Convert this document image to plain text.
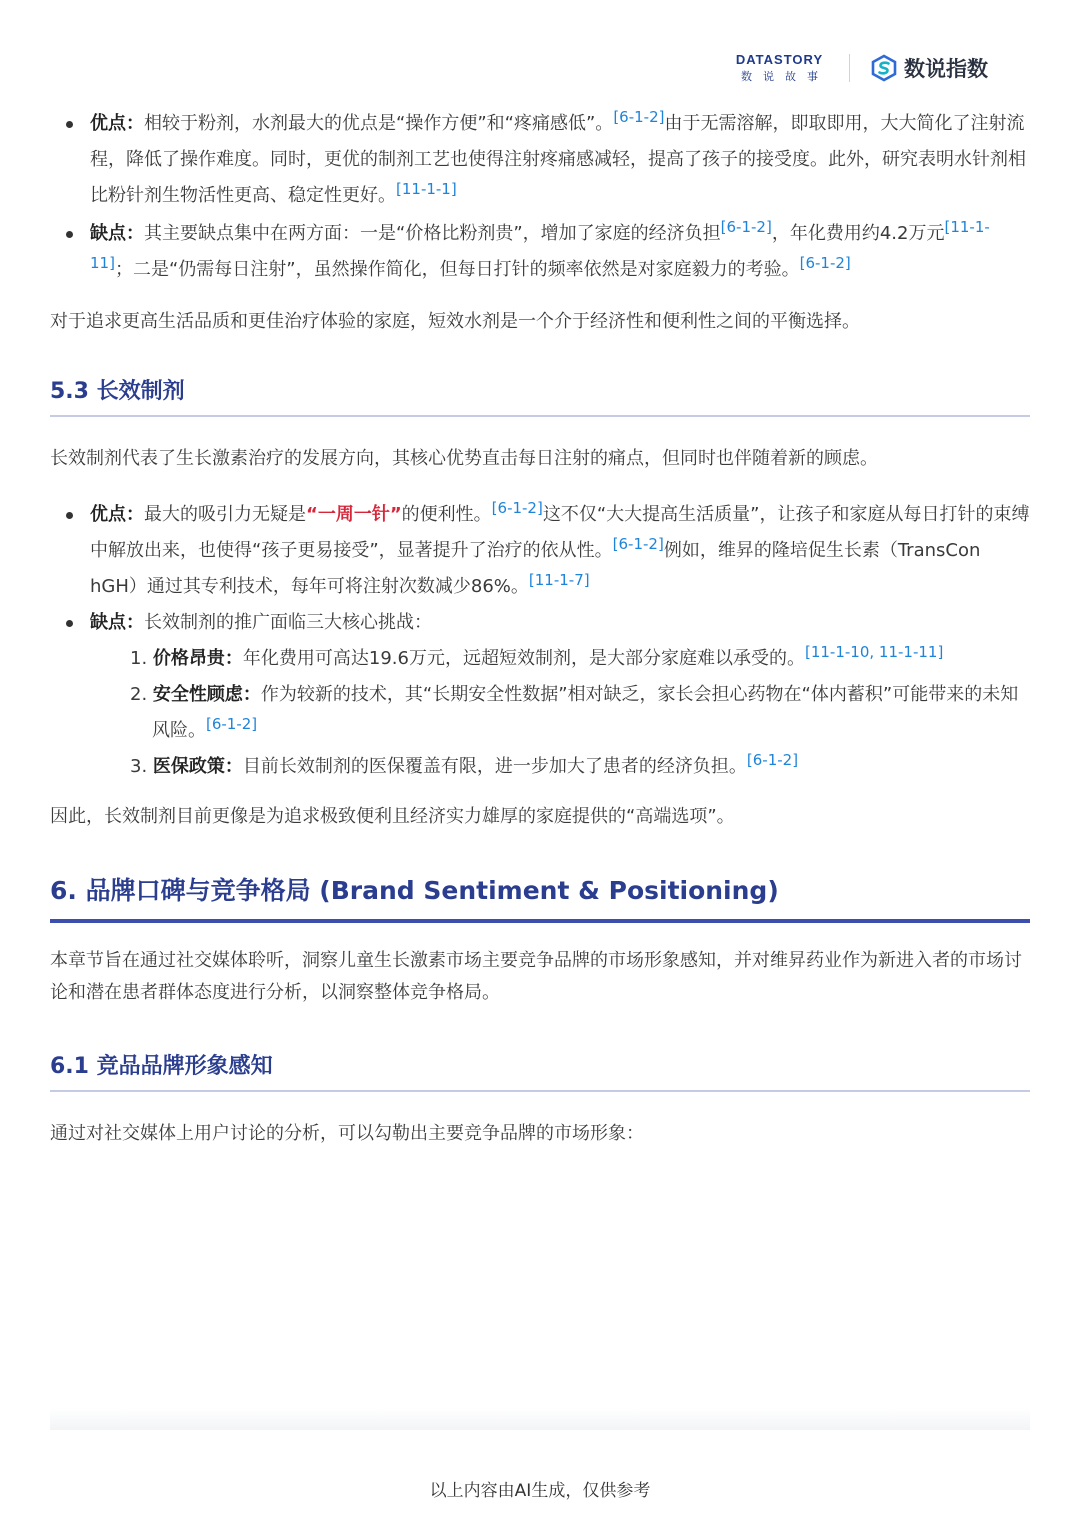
DATASTORY
数说故事	数说指数
优点：相较于粉剂，水剂最大的优点是“操作方便”和“疼痛感低”。[6-1-2]由于无需溶解，即取即用，大大简化了注射流程，降低了操作难度。同时，更优的制剂工艺也使得注射疼痛感减轻，提高了孩子的接受度。此外，研究表明水针剂相比粉针剂生物活性更高、稳定性更好。[11-1-1]
缺点：其主要缺点集中在两方面：一是“价格比粉剂贵”，增加了家庭的经济负担[6-1-2]，年化费用约4.2万元[11-1-11]；二是“仍需每日注射”，虽然操作简化，但每日打针的频率依然是对家庭毅力的考验。[6-1-2]

对于追求更高生活品质和更佳治疗体验的家庭，短效水剂是一个介于经济性和便利性之间的平衡选择。

5.3 长效制剂

长效制剂代表了生长激素治疗的发展方向，其核心优势直击每日注射的痛点，但同时也伴随着新的顾虑。

优点：最大的吸引力无疑是“一周一针”的便利性。[6-1-2]这不仅“大大提高生活质量”，让孩子和家庭从每日打针的束缚中解放出来，也使得“孩子更易接受”，显著提升了治疗的依从性。[6-1-2]例如，维昇的隆培促生长素（TransCon hGH）通过其专利技术，每年可将注射次数减少86%。[11-1-7]
缺点：长效制剂的推广面临三大核心挑战：
1. 价格昂贵：年化费用可高达19.6万元，远超短效制剂，是大部分家庭难以承受的。[11-1-10, 11-1-11]
2. 安全性顾虑：作为较新的技术，其“长期安全性数据”相对缺乏，家长会担心药物在“体内蓄积”可能带来的未知风险。[6-1-2]
3. 医保政策：目前长效制剂的医保覆盖有限，进一步加大了患者的经济负担。[6-1-2]

因此，长效制剂目前更像是为追求极致便利且经济实力雄厚的家庭提供的“高端选项”。

6. 品牌口碑与竞争格局 (Brand Sentiment & Positioning)

本章节旨在通过社交媒体聆听，洞察儿童生长激素市场主要竞争品牌的市场形象感知，并对维昇药业作为新进入者的市场讨论和潜在患者群体态度进行分析，以洞察整体竞争格局。

6.1 竞品品牌形象感知

通过对社交媒体上用户讨论的分析，可以勾勒出主要竞争品牌的市场形象：

以上内容由AI生成，仅供参考
